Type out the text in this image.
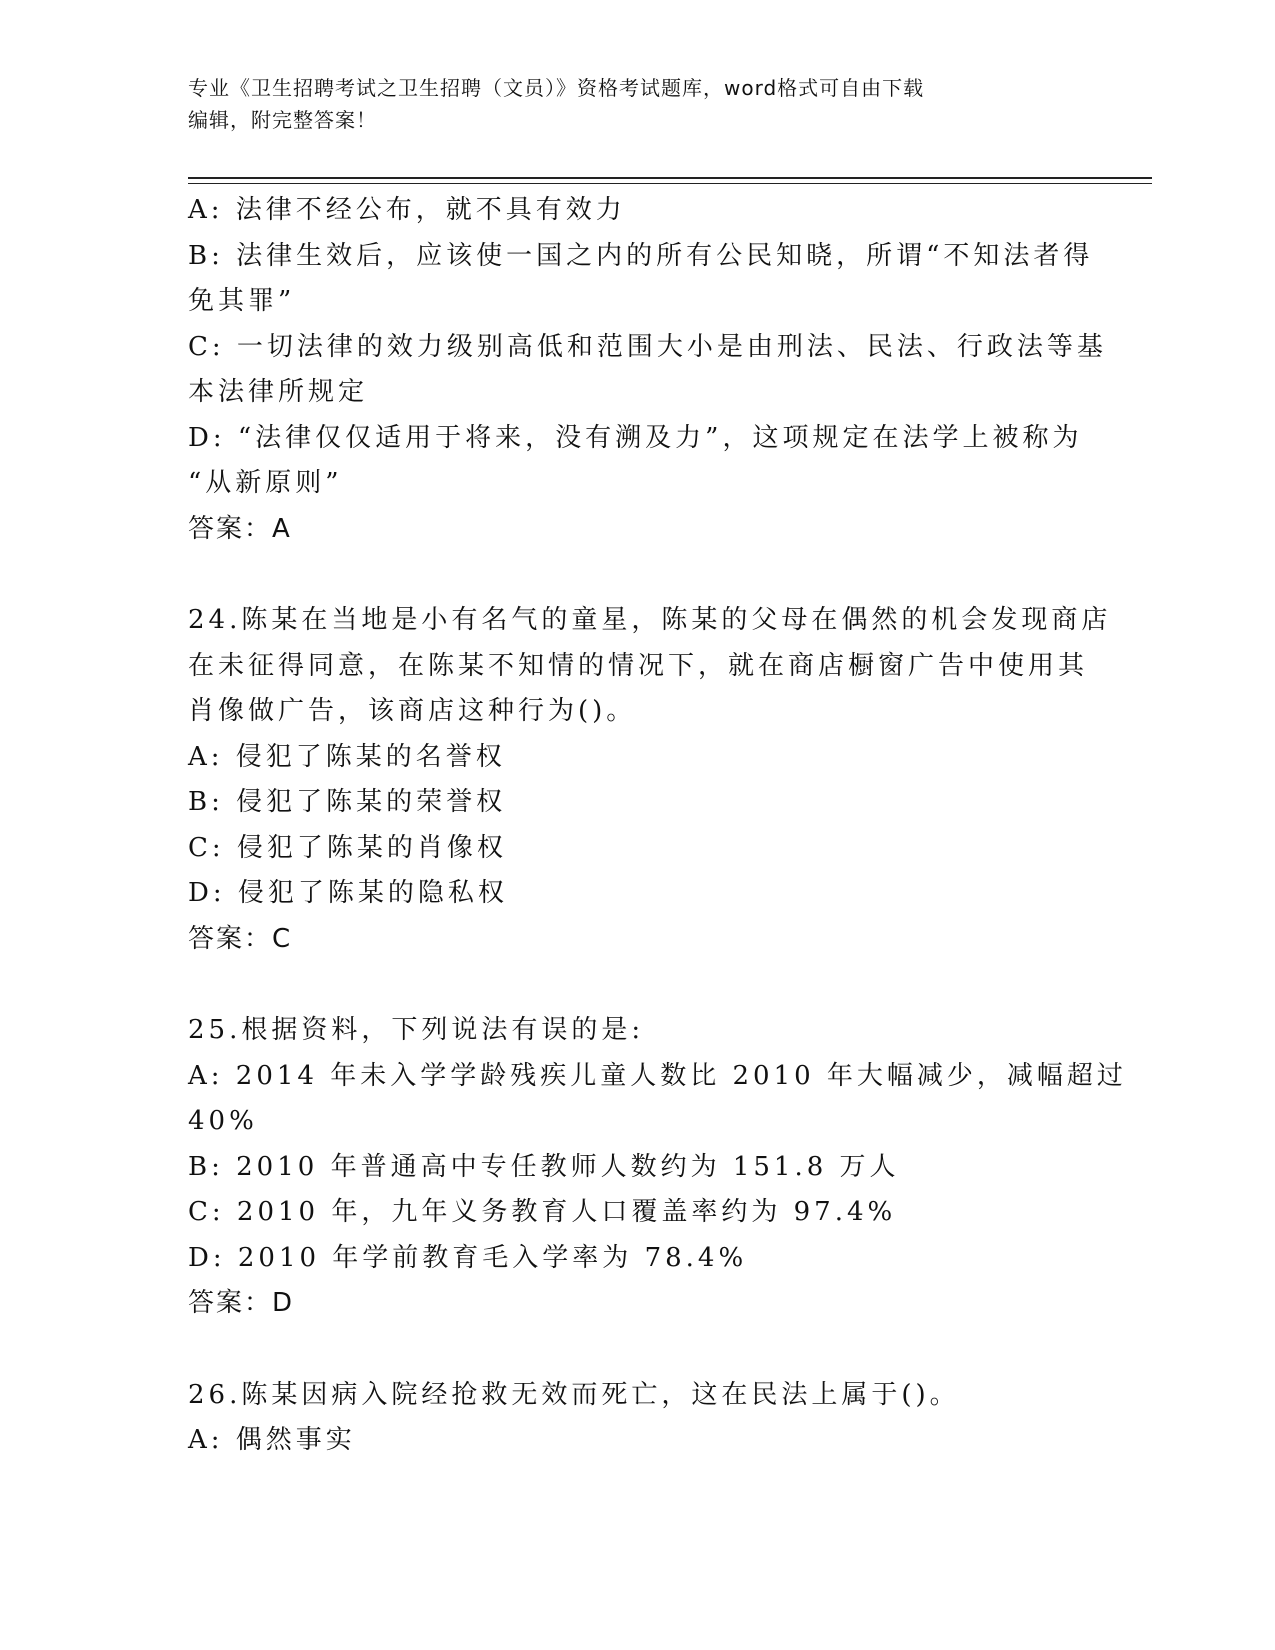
专业《卫生招聘考试之卫生招聘（文员）》资格考试题库，word格式可自由下载
编辑，附完整答案！
A: 法律不经公布，就不具有效力
B: 法律生效后，应该使一国之内的所有公民知晓，所谓“不知法者得
免其罪”
C: 一切法律的效力级别高低和范围大小是由刑法、民法、行政法等基
本法律所规定
D: “法律仅仅适用于将来，没有溯及力”，这项规定在法学上被称为
“从新原则”
答案：A
24.陈某在当地是小有名气的童星，陈某的父母在偶然的机会发现商店
在未征得同意，在陈某不知情的情况下，就在商店橱窗广告中使用其
肖像做广告，该商店这种行为()。
A: 侵犯了陈某的名誉权
B: 侵犯了陈某的荣誉权
C: 侵犯了陈某的肖像权
D: 侵犯了陈某的隐私权
答案：C
25.根据资料，下列说法有误的是:
A: 2014 年未入学学龄残疾儿童人数比 2010 年大幅减少，减幅超过
40%
B: 2010 年普通高中专任教师人数约为 151.8 万人
C: 2010 年，九年义务教育人口覆盖率约为 97.4%
D: 2010 年学前教育毛入学率为 78.4%
答案：D
26.陈某因病入院经抢救无效而死亡，这在民法上属于()。
A: 偶然事实
